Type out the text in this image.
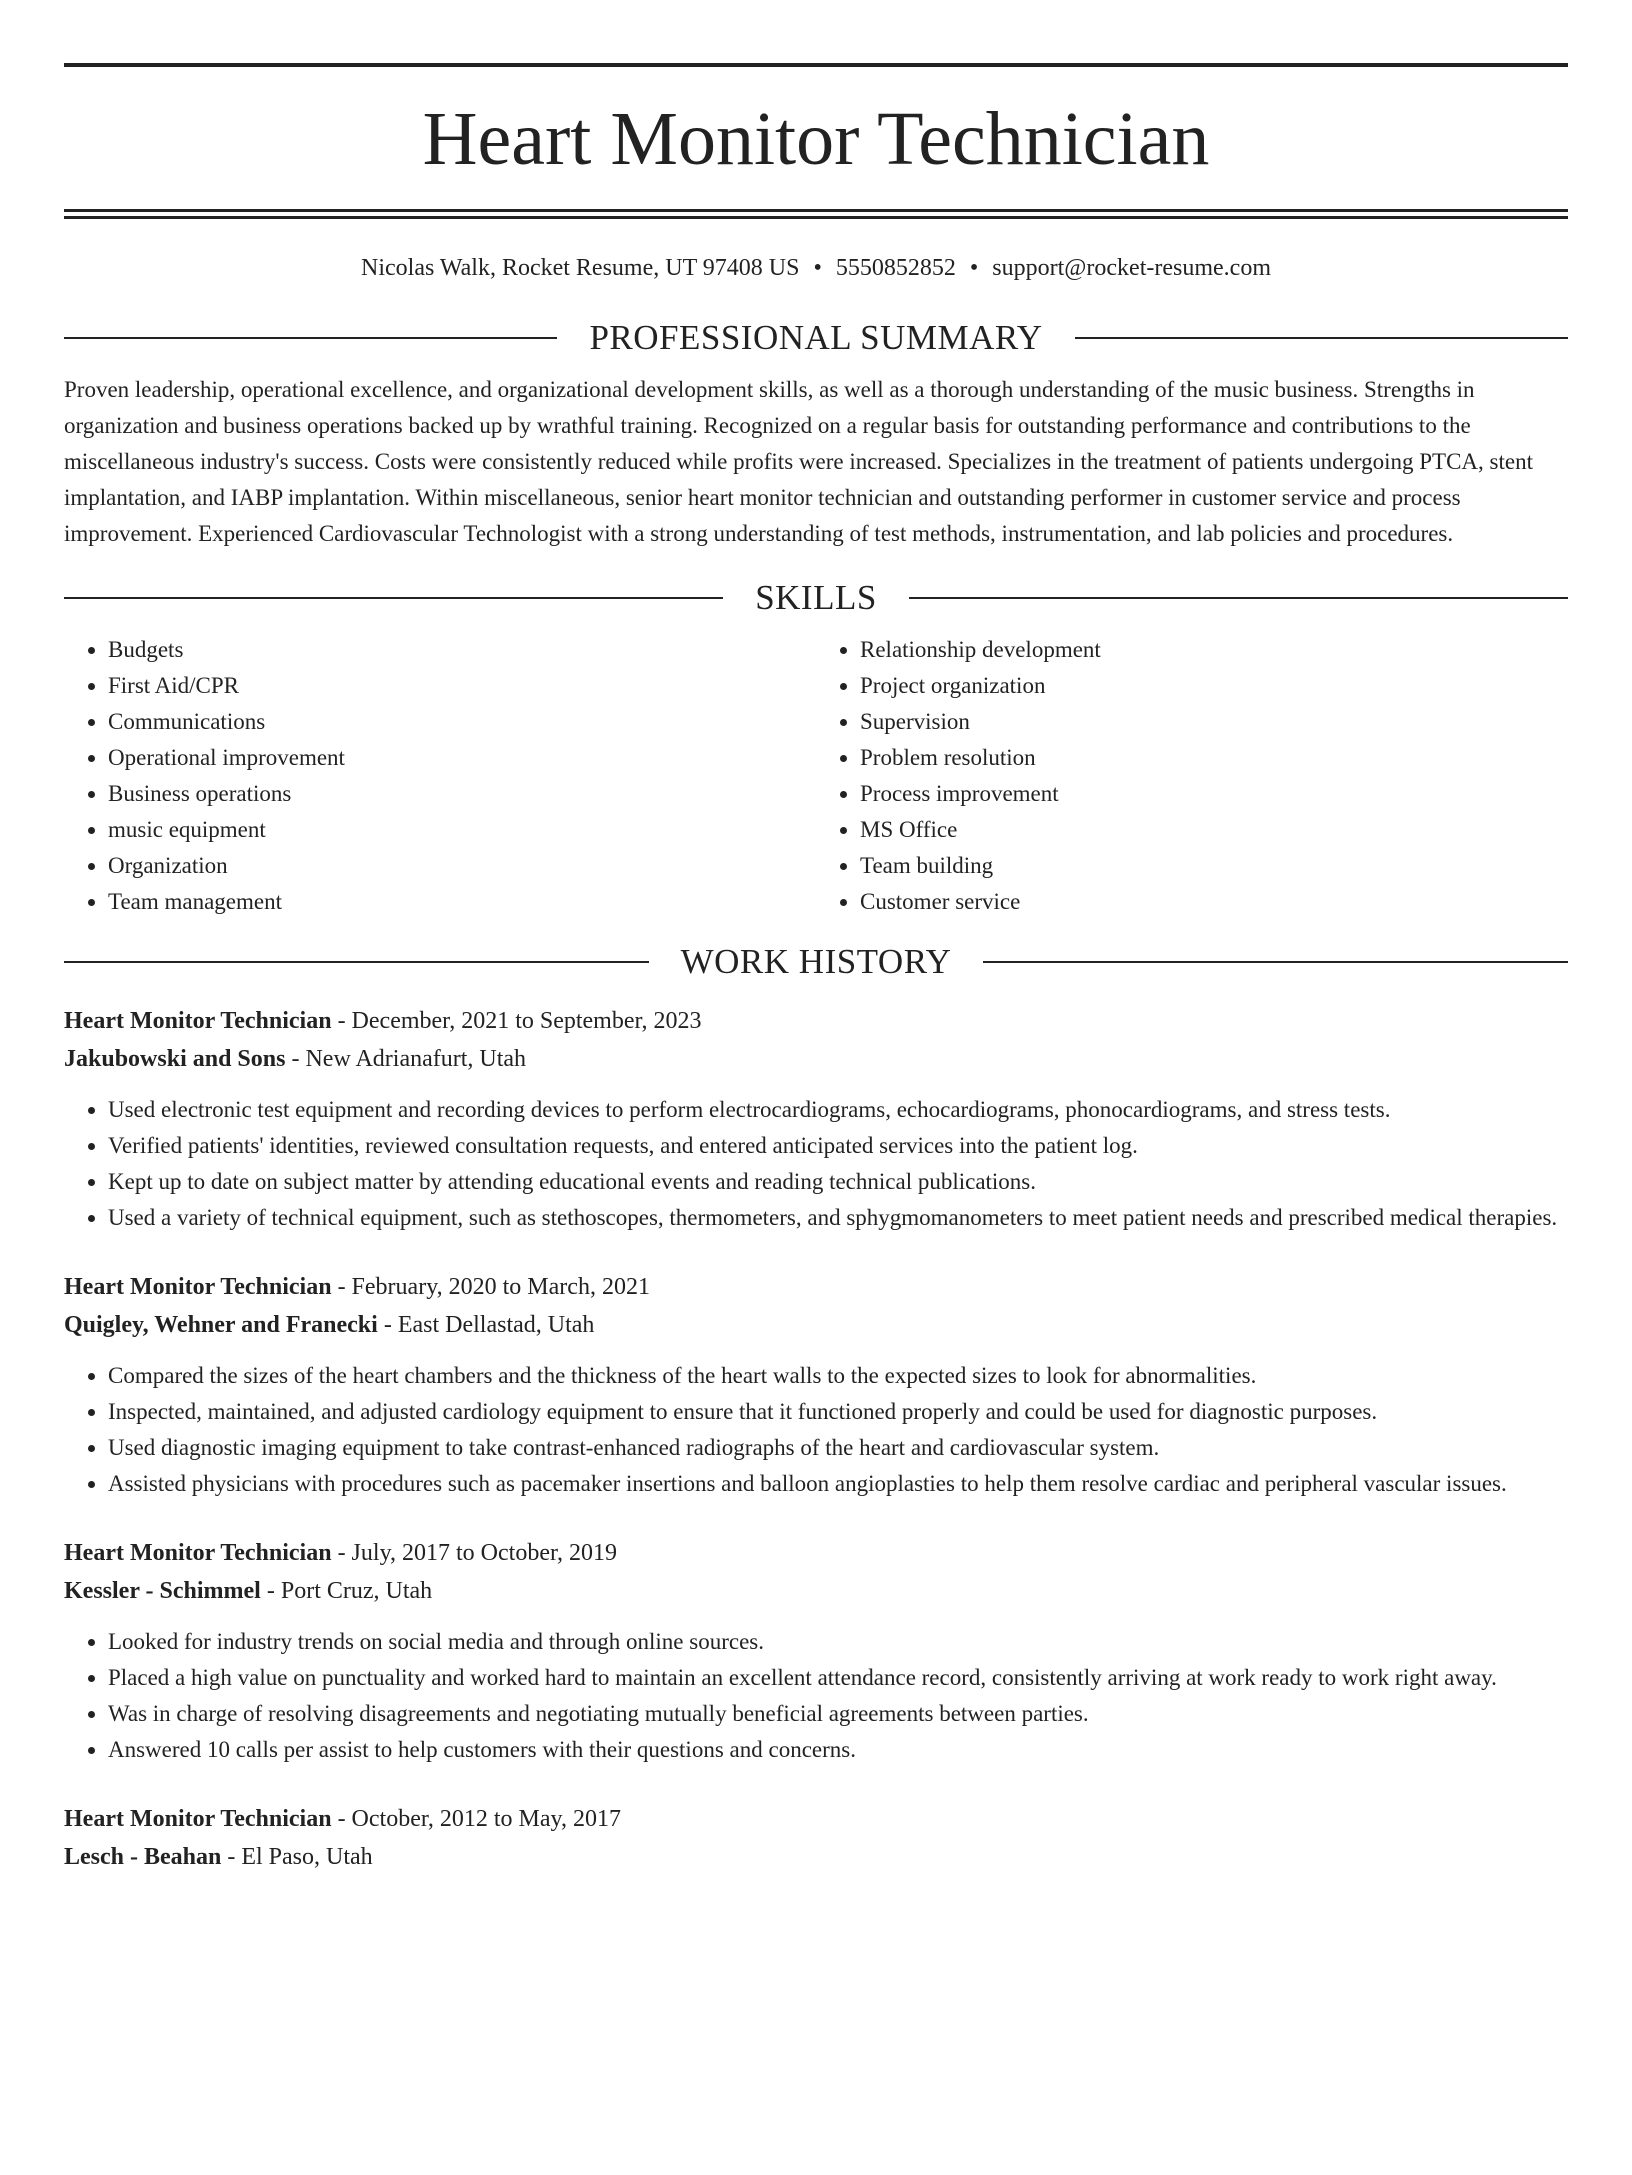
Heart Monitor Technician
Nicolas Walk, Rocket Resume, UT 97408 US • 5550852852 • support@rocket-resume.com
PROFESSIONAL SUMMARY
Proven leadership, operational excellence, and organizational development skills, as well as a thorough understanding of the music business. Strengths in organization and business operations backed up by wrathful training. Recognized on a regular basis for outstanding performance and contributions to the miscellaneous industry's success. Costs were consistently reduced while profits were increased. Specializes in the treatment of patients undergoing PTCA, stent implantation, and IABP implantation. Within miscellaneous, senior heart monitor technician and outstanding performer in customer service and process improvement. Experienced Cardiovascular Technologist with a strong understanding of test methods, instrumentation, and lab policies and procedures.
SKILLS
• Budgets
• First Aid/CPR
• Communications
• Operational improvement
• Business operations
• music equipment
• Organization
• Team management
• Relationship development
• Project organization
• Supervision
• Problem resolution
• Process improvement
• MS Office
• Team building
• Customer service
WORK HISTORY
Heart Monitor Technician - December, 2021 to September, 2023
Jakubowski and Sons - New Adrianafurt, Utah
• Used electronic test equipment and recording devices to perform electrocardiograms, echocardiograms, phonocardiograms, and stress tests.
• Verified patients' identities, reviewed consultation requests, and entered anticipated services into the patient log.
• Kept up to date on subject matter by attending educational events and reading technical publications.
• Used a variety of technical equipment, such as stethoscopes, thermometers, and sphygmomanometers to meet patient needs and prescribed medical therapies.
Heart Monitor Technician - February, 2020 to March, 2021
Quigley, Wehner and Franecki - East Dellastad, Utah
• Compared the sizes of the heart chambers and the thickness of the heart walls to the expected sizes to look for abnormalities.
• Inspected, maintained, and adjusted cardiology equipment to ensure that it functioned properly and could be used for diagnostic purposes.
• Used diagnostic imaging equipment to take contrast-enhanced radiographs of the heart and cardiovascular system.
• Assisted physicians with procedures such as pacemaker insertions and balloon angioplasties to help them resolve cardiac and peripheral vascular issues.
Heart Monitor Technician - July, 2017 to October, 2019
Kessler - Schimmel - Port Cruz, Utah
• Looked for industry trends on social media and through online sources.
• Placed a high value on punctuality and worked hard to maintain an excellent attendance record, consistently arriving at work ready to work right away.
• Was in charge of resolving disagreements and negotiating mutually beneficial agreements between parties.
• Answered 10 calls per assist to help customers with their questions and concerns.
Heart Monitor Technician - October, 2012 to May, 2017
Lesch - Beahan - El Paso, Utah
